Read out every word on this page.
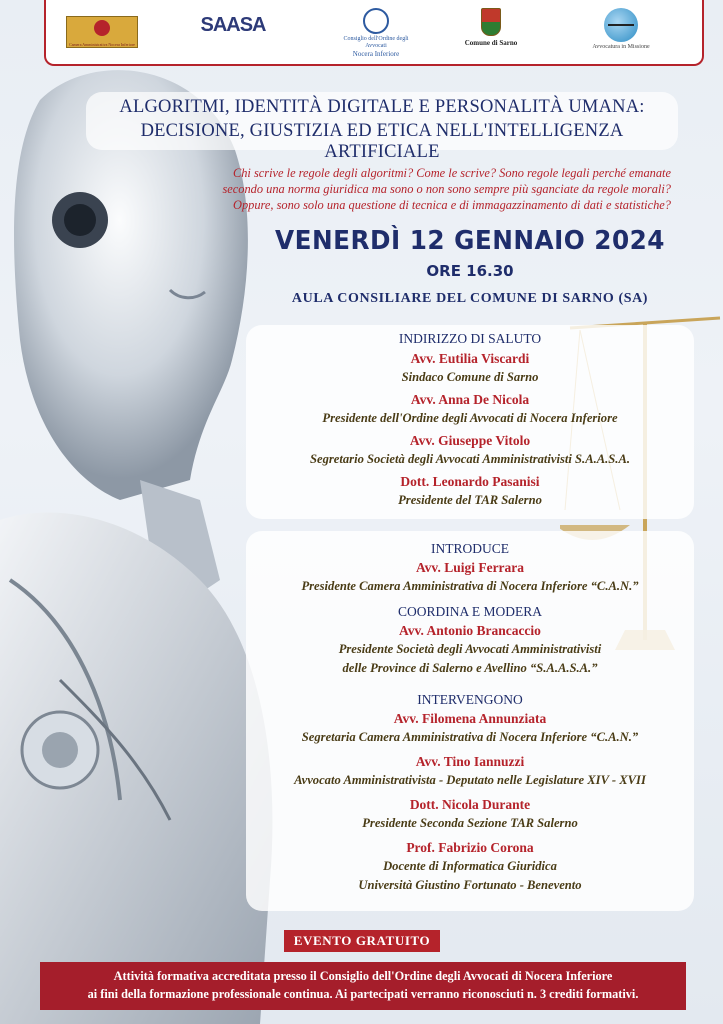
Camera Amministrativa Nocera Inferiore
SAASA
Consiglio dell'Ordine degli Avvocati
Nocera Inferiore
Comune di Sarno	Avvocatura in Missione
ALGORITMI, IDENTITÀ DIGITALE E PERSONALITÀ UMANA:
DECISIONE, GIUSTIZIA ED ETICA NELL'INTELLIGENZA ARTIFICIALE
Chi scrive le regole degli algoritmi? Come le scrive? Sono regole legali perché emanate
secondo una norma giuridica ma sono o non sono sempre più sganciate da regole morali?
Oppure, sono solo una questione di tecnica e di immagazzinamento di dati e statistiche?
VENERDÌ 12 GENNAIO 2024
ORE 16.30
AULA CONSILIARE DEL COMUNE DI SARNO (SA)
INDIRIZZO DI SALUTO
Avv. Eutilia Viscardi
Sindaco Comune di Sarno
Avv. Anna De Nicola
Presidente dell'Ordine degli Avvocati di Nocera Inferiore
Avv. Giuseppe Vitolo
Segretario Società degli Avvocati Amministrativisti S.A.A.S.A.
Dott. Leonardo Pasanisi
Presidente del TAR Salerno
INTRODUCE
Avv. Luigi Ferrara
Presidente Camera Amministrativa di Nocera Inferiore “C.A.N.”
COORDINA E MODERA
Avv. Antonio Brancaccio
Presidente Società degli Avvocati Amministrativisti
delle Province di Salerno e Avellino “S.A.A.S.A.”
INTERVENGONO
Avv. Filomena Annunziata
Segretaria Camera Amministrativa di Nocera Inferiore “C.A.N.”
Avv. Tino Iannuzzi
Avvocato Amministrativista - Deputato nelle Legislature XIV - XVII
Dott. Nicola Durante
Presidente Seconda Sezione TAR Salerno
Prof. Fabrizio Corona
Docente di Informatica Giuridica
Università Giustino Fortunato - Benevento
EVENTO GRATUITO
Attività formativa accreditata presso il Consiglio dell'Ordine degli Avvocati di Nocera Inferiore
ai fini della formazione professionale continua. Ai partecipati verranno riconosciuti n. 3 crediti formativi.
